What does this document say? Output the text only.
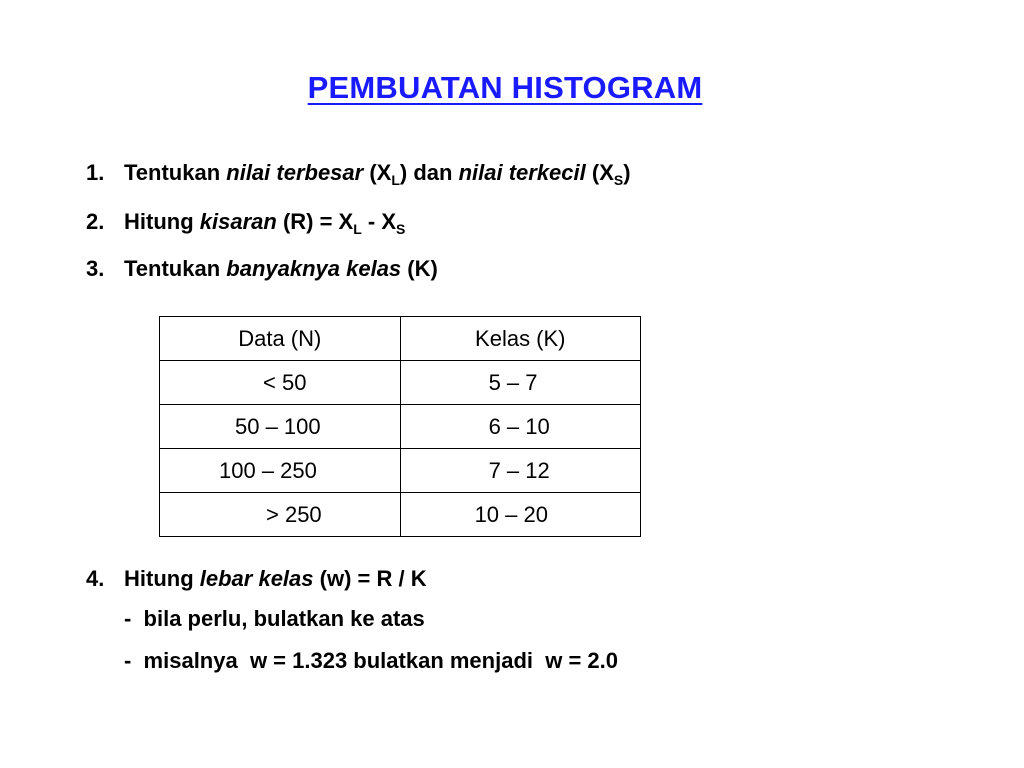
PEMBUATAN HISTOGRAM
1. Tentukan nilai terbesar $(X_L)$ dan nilai terkecil $(X_S)$
2. Hitung kisaran $(R) = X_L - X_S$
3. Tentukan banyaknya kelas (K)
Data (N)	Kelas (K)
< 50	5 – 7
50 – 100	6 – 10
100 – 250	7 – 12
> 250	10 – 20
4. Hitung lebar kelas (w) = R / K
-  bila perlu, bulatkan ke atas
-  misalnya  w = 1.323 bulatkan menjadi  w = 2.0
